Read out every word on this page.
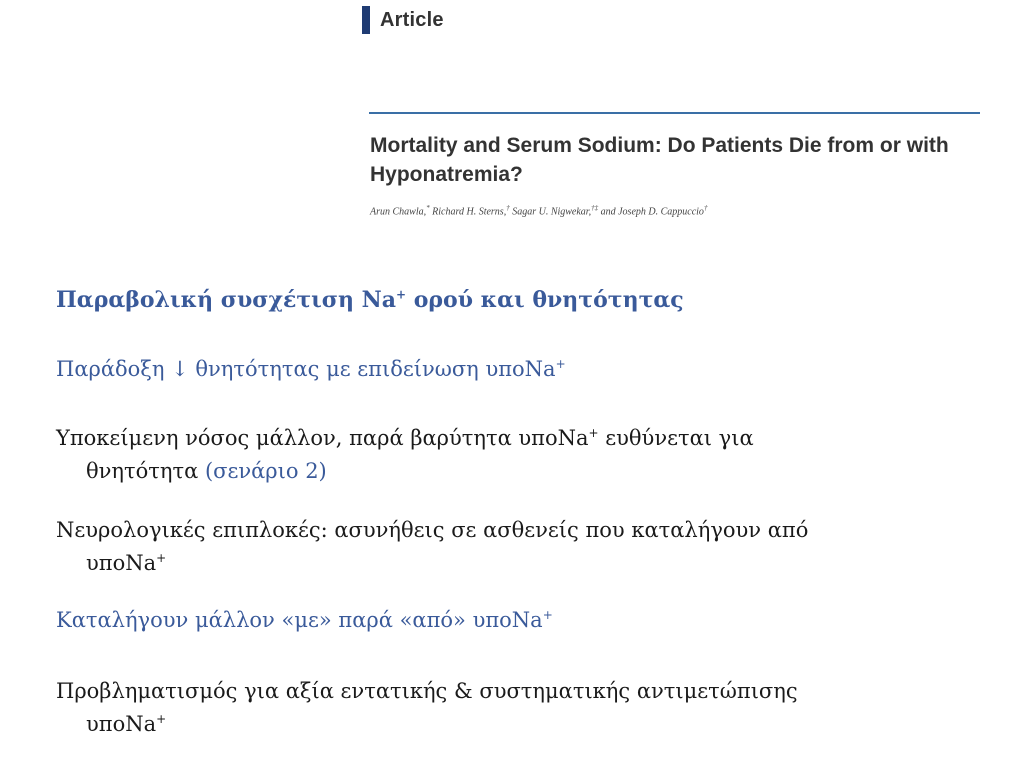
Article
Mortality and Serum Sodium: Do Patients Die from or with Hyponatremia?
Arun Chawla,* Richard H. Sterns,† Sagar U. Nigwekar,†‡ and Joseph D. Cappuccio†
Παραβολική συσχέτιση Na+ ορού και θνητότητας
Παράδοξη ↓ θνητότητας με επιδείνωση υποNa+
Υποκείμενη νόσος μάλλον, παρά βαρύτητα υποNa+ ευθύνεται για
θνητότητα (σενάριο 2)
Νευρολογικές επιπλοκές: ασυνήθεις σε ασθενείς που καταλήγουν από
υποNa+
Καταλήγουν μάλλον «με» παρά «από» υποNa+
Προβληματισμός για αξία εντατικής & συστηματικής αντιμετώπισης
υποNa+
